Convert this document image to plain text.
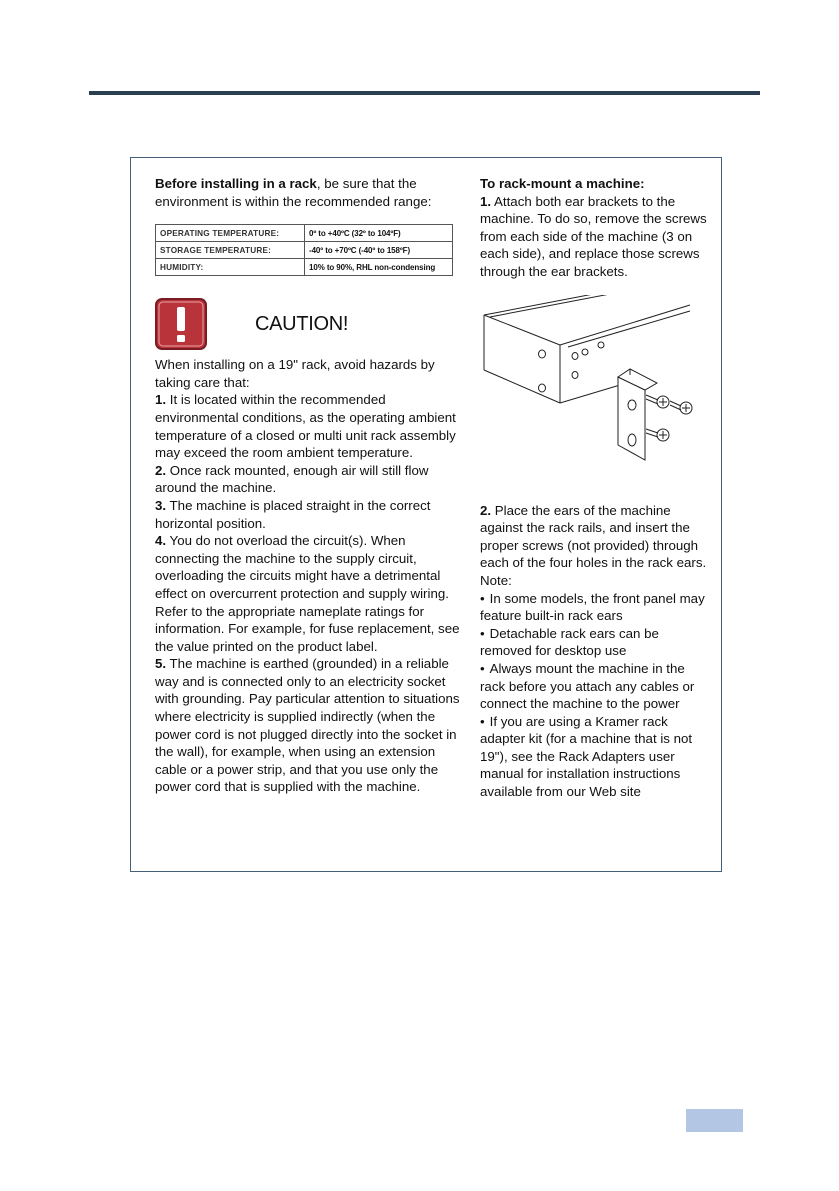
Before installing in a rack, be sure that the environment is within the recommended range:

OPERATING TEMPERATURE:	0º to +40ºC (32º to 104ºF)
STORAGE TEMPERATURE:	-40º to +70ºC (-40º to 158ºF)
HUMIDITY:	10% to 90%, RHL non-condensing
CAUTION!

When installing on a 19" rack, avoid hazards by taking care that:

1. It is located within the recommended environmental conditions, as the operating ambient temperature of a closed or multi unit rack assembly may exceed the room ambient temperature.

2. Once rack mounted, enough air will still flow around the machine.

3. The machine is placed straight in the correct horizontal position.

4. You do not overload the circuit(s). When connecting the machine to the supply circuit, overloading the circuits might have a detrimental effect on overcurrent protection and supply wiring. Refer to the appropriate nameplate ratings for information. For example, for fuse replacement, see the value printed on the product label.

5. The machine is earthed (grounded) in a reliable way and is connected only to an electricity socket with grounding. Pay particular attention to situations where electricity is supplied indirectly (when the power cord is not plugged directly into the socket in the wall), for example, when using an extension cable or a power strip, and that you use only the power cord that is supplied with the machine.

To rack-mount a machine:

1. Attach both ear brackets to the machine. To do so, remove the screws from each side of the machine (3 on each side), and replace those screws through the ear brackets.

2. Place the ears of the machine against the rack rails, and insert the proper screws (not provided) through each of the four holes in the rack ears.

Note:

• In some models, the front panel may feature built-in rack ears

• Detachable rack ears can be removed for desktop use

• Always mount the machine in the rack before you attach any cables or connect the machine to the power

• If you are using a Kramer rack adapter kit (for a machine that is not 19"), see the Rack Adapters user manual for installation instructions available from our Web site
